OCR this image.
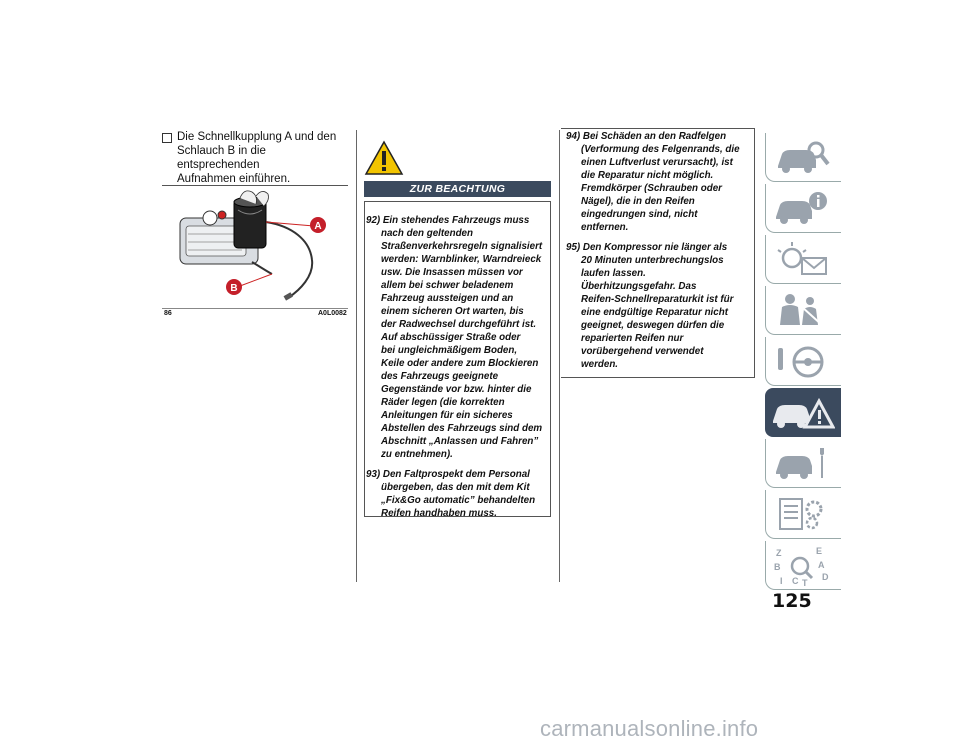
Die Schnellkupplung A und den
Schlauch B in die entsprechenden
Aufnahmen einführen.
A
B
86	A0L0082
ZUR BEACHTUNG
92) Ein stehendes Fahrzeugs muss
nach den geltenden
Straßenverkehrsregeln signalisiert
werden: Warnblinker, Warndreieck
usw. Die Insassen müssen vor
allem bei schwer beladenem
Fahrzeug aussteigen und an
einem sicheren Ort warten, bis
der Radwechsel durchgeführt ist.
Auf abschüssiger Straße oder
bei ungleichmäßigem Boden,
Keile oder andere zum Blockieren
des Fahrzeugs geeignete
Gegenstände vor bzw. hinter die
Räder legen (die korrekten
Anleitungen für ein sicheres
Abstellen des Fahrzeugs sind dem
Abschnitt „Anlassen und Fahren”
zu entnehmen).
93) Den Faltprospekt dem Personal
übergeben, das den mit dem Kit
„Fix&Go automatic” behandelten
Reifen handhaben muss.
94) Bei Schäden an den Radfelgen
(Verformung des Felgenrands, die
einen Luftverlust verursacht), ist
die Reparatur nicht möglich.
Fremdkörper (Schrauben oder
Nägel), die in den Reifen
eingedrungen sind, nicht
entfernen.
95) Den Kompressor nie länger als
20 Minuten unterbrechungslos
laufen lassen.
Überhitzungsgefahr. Das
Reifen-Schnellreparaturkit ist für
eine endgültige Reparatur nicht
geeignet, deswegen dürfen die
reparierten Reifen nur
vorübergehend verwendet
werden.
Z	E
B	A
D
C T
I
125
carmanualsonline.info
